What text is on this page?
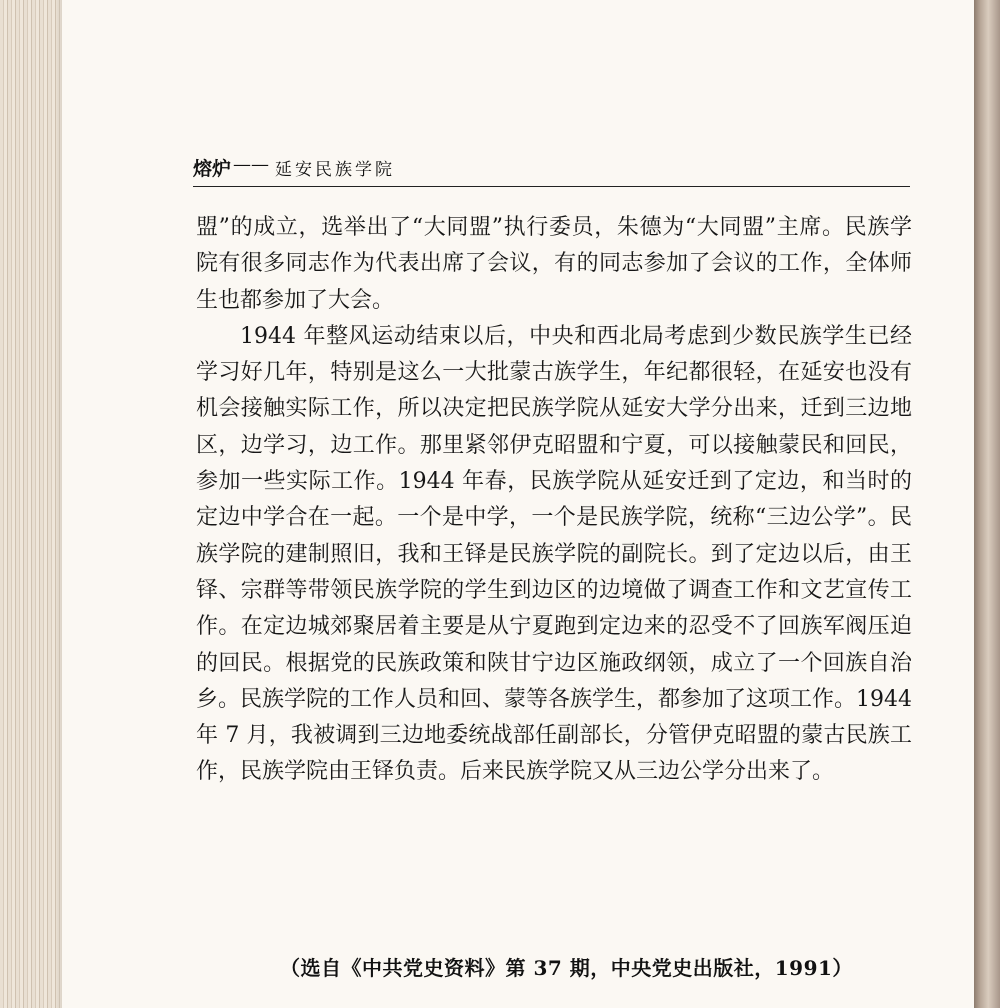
熔炉 —— 延安民族学院

盟”的成立，选举出了“大同盟”执行委员，朱德为“大同盟”主席。民族学院有很多同志作为代表出席了会议，有的同志参加了会议的工作，全体师生也都参加了大会。

1944 年整风运动结束以后，中央和西北局考虑到少数民族学生已经学习好几年，特别是这么一大批蒙古族学生，年纪都很轻，在延安也没有机会接触实际工作，所以决定把民族学院从延安大学分出来，迁到三边地区，边学习，边工作。那里紧邻伊克昭盟和宁夏，可以接触蒙民和回民，参加一些实际工作。1944 年春，民族学院从延安迁到了定边，和当时的定边中学合在一起。一个是中学，一个是民族学院，统称“三边公学”。民族学院的建制照旧，我和王铎是民族学院的副院长。到了定边以后，由王铎、宗群等带领民族学院的学生到边区的边境做了调查工作和文艺宣传工作。在定边城郊聚居着主要是从宁夏跑到定边来的忍受不了回族军阀压迫的回民。根据党的民族政策和陕甘宁边区施政纲领，成立了一个回族自治乡。民族学院的工作人员和回、蒙等各族学生，都参加了这项工作。1944 年 7 月，我被调到三边地委统战部任副部长，分管伊克昭盟的蒙古民族工作，民族学院由王铎负责。后来民族学院又从三边公学分出来了。

（选自《中共党史资料》第 37 期，中央党史出版社，1991）
